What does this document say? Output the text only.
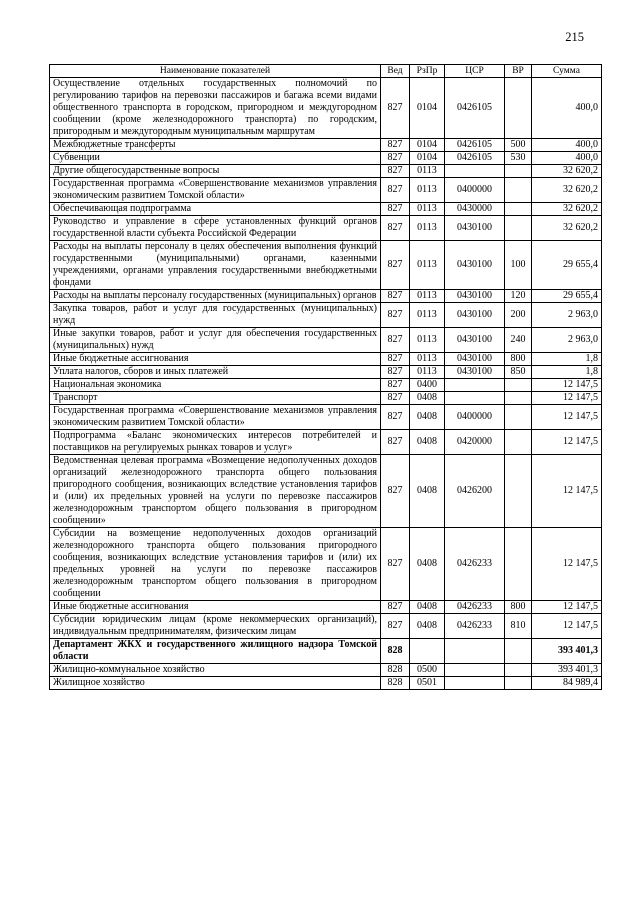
215
Наименование показателей	Вед	РзПр	ЦСР	ВР	Сумма
Осуществление отдельных государственных полномочий по регулированию тарифов на перевозки пассажиров и багажа всеми видами общественного транспорта в городском, пригородном и междугородном сообщении (кроме железнодорожного транспорта) по городским, пригородным и междугородным муниципальным маршрутам	827	0104	0426105		400,0
Межбюджетные трансферты	827	0104	0426105	500	400,0
Субвенции	827	0104	0426105	530	400,0
Другие общегосударственные вопросы	827	0113			32 620,2
Государственная программа «Совершенствование механизмов управления экономическим развитием Томской области»	827	0113	0400000		32 620,2
Обеспечивающая подпрограмма	827	0113	0430000		32 620,2
Руководство и управление в сфере установленных функций органов государственной власти субъекта Российской Федерации	827	0113	0430100		32 620,2
Расходы на выплаты персоналу в целях обеспечения выполнения функций государственными (муниципальными) органами, казенными учреждениями, органами управления государственными внебюджетными фондами	827	0113	0430100	100	29 655,4
Расходы на выплаты персоналу государственных (муниципальных) органов	827	0113	0430100	120	29 655,4
Закупка товаров, работ и услуг для государственных (муниципальных) нужд	827	0113	0430100	200	2 963,0
Иные закупки товаров, работ и услуг для обеспечения государственных (муниципальных) нужд	827	0113	0430100	240	2 963,0
Иные бюджетные ассигнования	827	0113	0430100	800	1,8
Уплата налогов, сборов и иных платежей	827	0113	0430100	850	1,8
Национальная экономика	827	0400			12 147,5
Транспорт	827	0408			12 147,5
Государственная программа «Совершенствование механизмов управления экономическим развитием Томской области»	827	0408	0400000		12 147,5
Подпрограмма «Баланс экономических интересов потребителей и поставщиков на регулируемых рынках товаров и услуг»	827	0408	0420000		12 147,5
Ведомственная целевая программа «Возмещение недополученных доходов организаций железнодорожного транспорта общего пользования пригородного сообщения, возникающих вследствие установления тарифов и (или) их предельных уровней на услуги по перевозке пассажиров железнодорожным транспортом общего пользования в пригородном сообщении»	827	0408	0426200		12 147,5
Субсидии на возмещение недополученных доходов организаций железнодорожного транспорта общего пользования пригородного сообщения, возникающих вследствие установления тарифов и (или) их предельных уровней на услуги по перевозке пассажиров железнодорожным транспортом общего пользования в пригородном сообщении	827	0408	0426233		12 147,5
Иные бюджетные ассигнования	827	0408	0426233	800	12 147,5
Субсидии юридическим лицам (кроме некоммерческих организаций), индивидуальным предпринимателям, физическим лицам	827	0408	0426233	810	12 147,5
Департамент ЖКХ и государственного жилищного надзора Томской области	828				393 401,3
Жилищно-коммунальное хозяйство	828	0500			393 401,3
Жилищное хозяйство	828	0501			84 989,4
